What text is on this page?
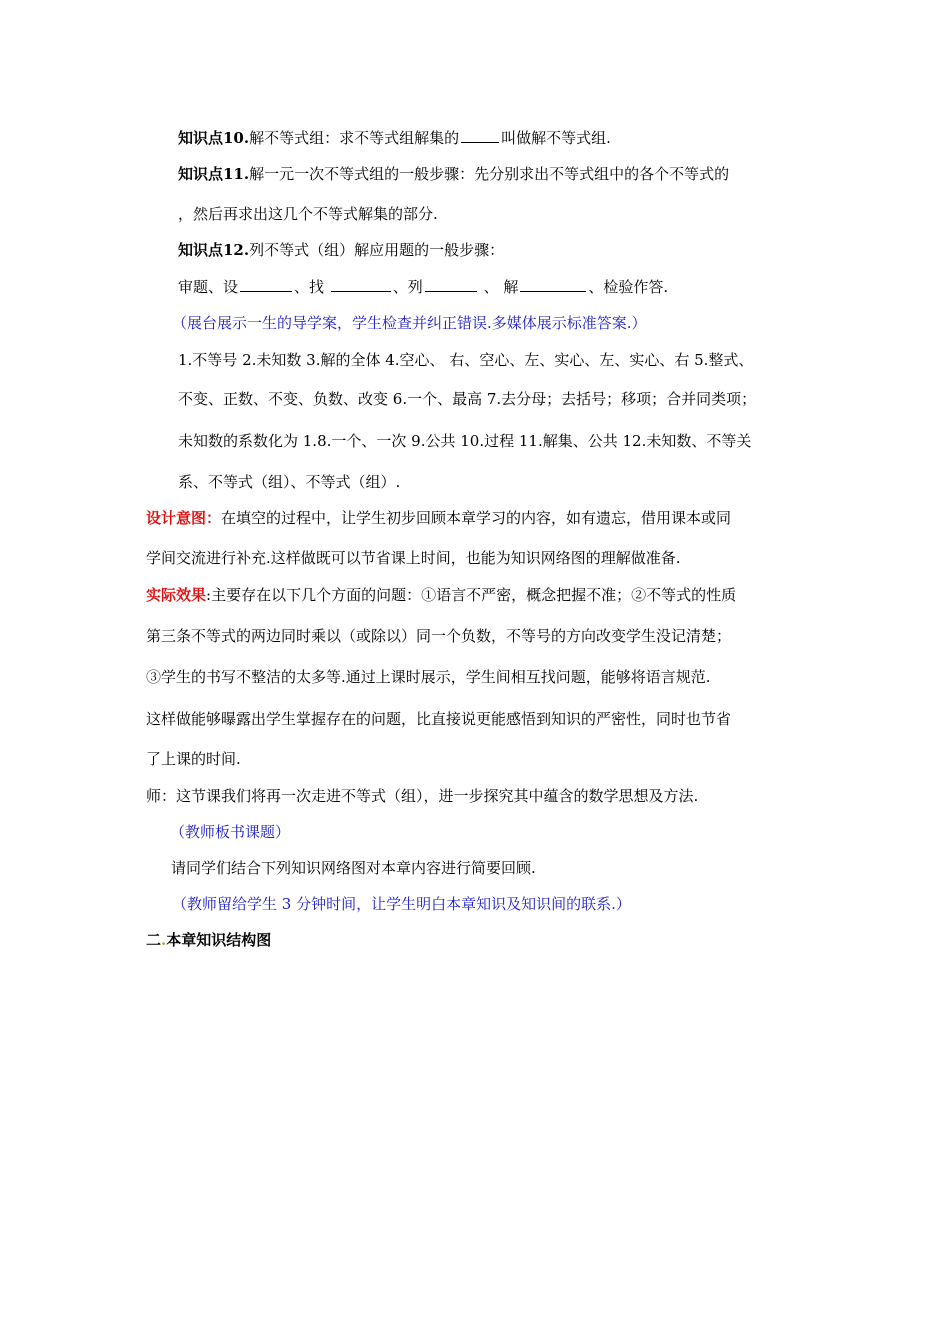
知识点10.解不等式组：求不等式组解集的	叫做解不等式组.
知识点11.解一元一次不等式组的一般步骤：先分别求出不等式组中的各个不等式的
，然后再求出这几个不等式解集的部分.
知识点12.列不等式（组）解应用题的一般步骤：
审题、设	、找	、列	、 解	、检验作答.
（展台展示一生的导学案，学生检查并纠正错误.多媒体展示标准答案.）
1.不等号 2.未知数 3.解的全体 4.空心、 右、空心、左、实心、左、实心、右 5.整式、
不变、正数、不变、负数、改变 6.一个、最高 7.去分母；去括号；移项；合并同类项；
未知数的系数化为 1.8.一个、一次 9.公共 10.过程 11.解集、公共 12.未知数、不等关
系、不等式（组）、不等式（组）.
设计意图：在填空的过程中，让学生初步回顾本章学习的内容，如有遗忘，借用课本或同
学间交流进行补充.这样做既可以节省课上时间，也能为知识网络图的理解做准备.
实际效果:主要存在以下几个方面的问题：①语言不严密，概念把握不准；②不等式的性质
第三条不等式的两边同时乘以（或除以）同一个负数，不等号的方向改变学生没记清楚；
③学生的书写不整洁的太多等.通过上课时展示，学生间相互找问题，能够将语言规范.
这样做能够曝露出学生掌握存在的问题，比直接说更能感悟到知识的严密性，同时也节省
了上课的时间.
师：这节课我们将再一次走进不等式（组），进一步探究其中蕴含的数学思想及方法.
（教师板书课题）
请同学们结合下列知识网络图对本章内容进行简要回顾.
（教师留给学生 3 分钟时间，让学生明白本章知识及知识间的联系.）
二.本章知识结构图
